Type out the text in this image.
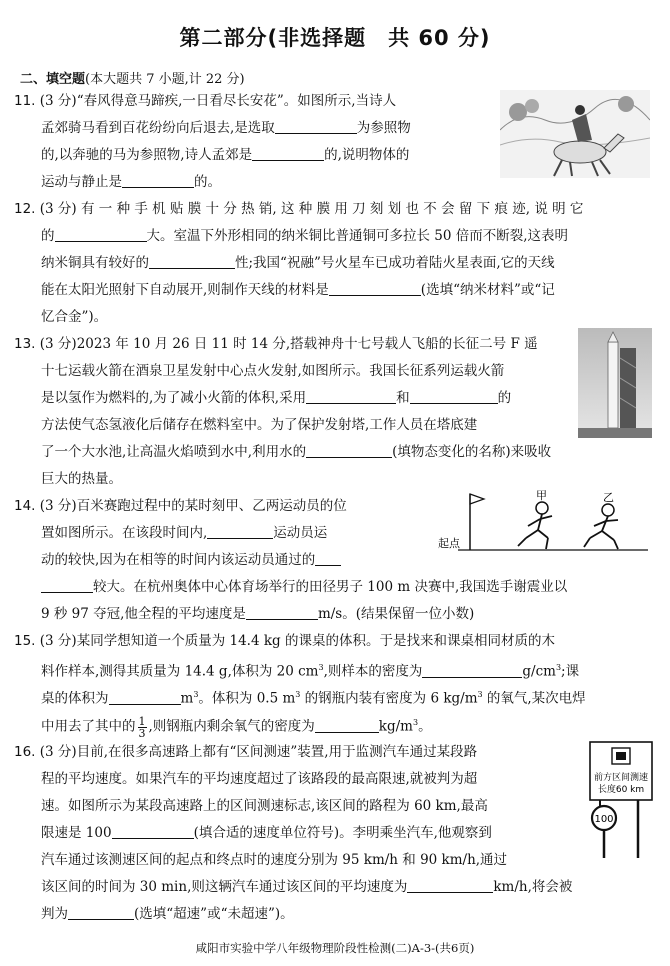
第二部分(非选择题　共 60 分)
二、填空题(本大题共 7 小题,计 22 分)
11. (3 分)“春风得意马蹄疾,一日看尽长安花”。如图所示,当诗人
孟郊骑马看到百花纷纷向后退去,是选取	为参照物
的,以奔驰的马为参照物,诗人孟郊是	的,说明物体的
运动与静止是	的。
12. (3 分) 有 一 种 手 机 贴 膜 十 分 热 销, 这 种 膜 用 刀 刻 划 也 不 会 留 下 痕 迹, 说 明 它
的	大。室温下外形相同的纳米铜比普通铜可多拉长 50 倍而不断裂,这表明
纳米铜具有较好的	性;我国“祝融”号火星车已成功着陆火星表面,它的天线
能在太阳光照射下自动展开,则制作天线的材料是	(选填“纳米材料”或“记
忆合金”)。
13. (3 分)2023 年 10 月 26 日 11 时 14 分,搭载神舟十七号载人飞船的长征二号 F 遥
十七运载火箭在酒泉卫星发射中心点火发射,如图所示。我国长征系列运载火箭
是以氢作为燃料的,为了减小火箭的体积,采用	和	的
方法使气态氢液化后储存在燃料室中。为了保护发射塔,工作人员在塔底建
了一个大水池,让高温火焰喷到水中,利用水的	(填物态变化的名称)来吸收
巨大的热量。
14. (3 分)百米赛跑过程中的某时刻甲、乙两运动员的位
置如图所示。在该段时间内,	运动员运
动的较快,因为在相等的时间内该运动员通过的
较大。在杭州奥体中心体育场举行的田径男子 100 m 决赛中,我国选手谢震业以
9 秒 97 夺冠,他全程的平均速度是	m/s。(结果保留一位小数)
甲	乙
起点
15. (3 分)某同学想知道一个质量为 14.4 kg 的课桌的体积。于是找来和课桌相同材质的木
料作样本,测得其质量为 14.4 g,体积为 20 $cm^3$,则样本的密度为	$g/cm^3$;课
桌的体积为	$m^3$。体积为 0.5 $m^3$ 的钢瓶内装有密度为 6 $kg/m^3$ 的氧气,某次电焊
中用去了其中的 $\frac{1}{3}$ ,则钢瓶内剩余氧气的密度为	$kg/m^3$。
16. (3 分)目前,在很多高速路上都有“区间测速”装置,用于监测汽车通过某段路
程的平均速度。如果汽车的平均速度超过了该路段的最高限速,就被判为超
速。如图所示为某段高速路上的区间测速标志,该区间的路程为 60 km,最高
限速是 100	(填合适的速度单位符号)。李明乘坐汽车,他观察到
汽车通过该测速区间的起点和终点时的速度分别为 95 km/h 和 90 km/h,通过
该区间的时间为 30 min,则这辆汽车通过该区间的平均速度为	km/h,将会被
判为	(选填“超速”或“未超速”)。
前方区间测速
长度60 km
100
咸阳市实验中学八年级物理阶段性检测(二)A-3-(共6页)
